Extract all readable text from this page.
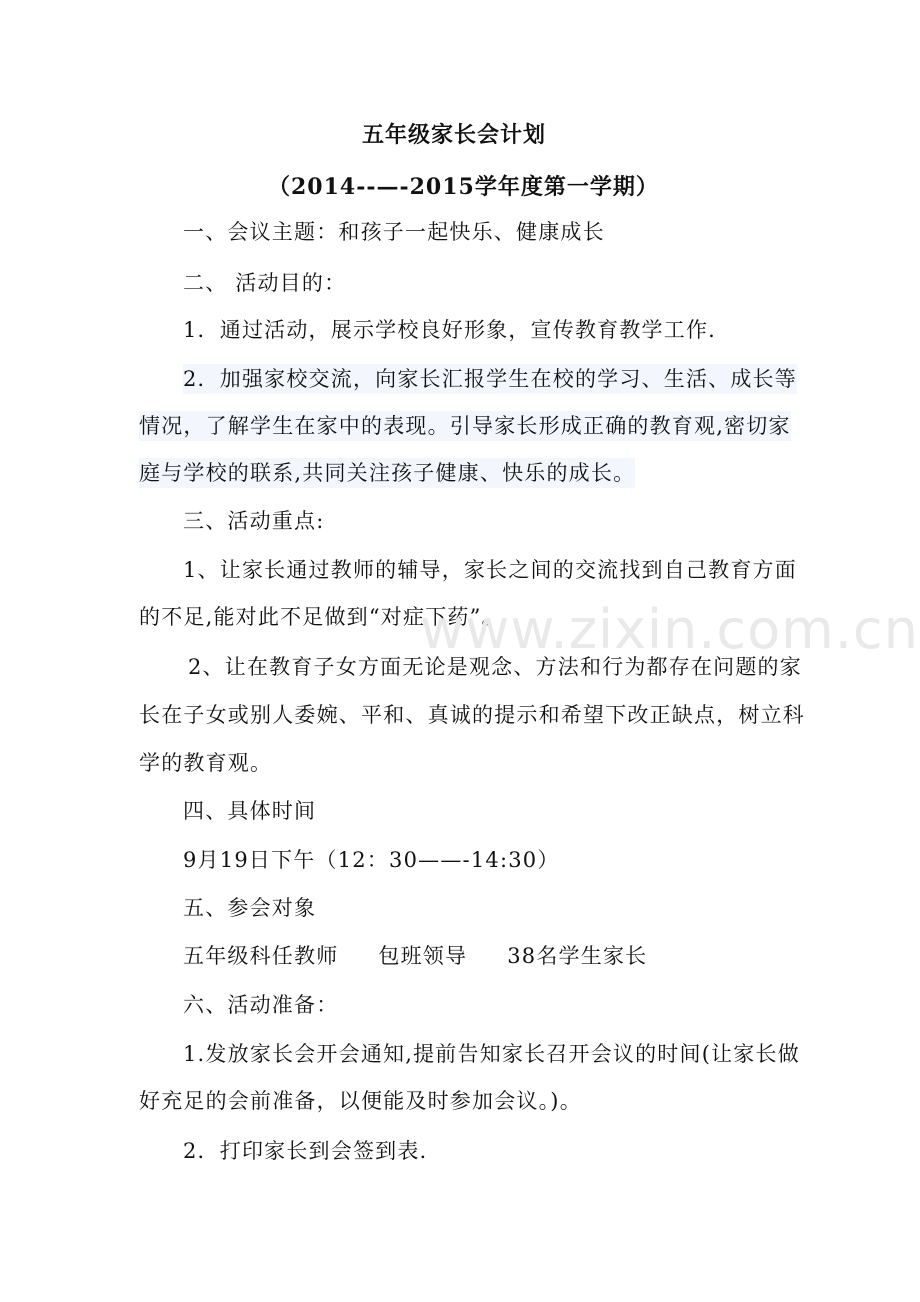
五年级家长会计划
（2014--—-2015学年度第一学期）
一、会议主题：和孩子一起快乐、健康成长
二、 活动目的：
1．通过活动，展示学校良好形象，宣传教育教学工作.
2．加强家校交流，向家长汇报学生在校的学习、生活、成长等
情况，了解学生在家中的表现。引导家长形成正确的教育观,密切家
庭与学校的联系,共同关注孩子健康、快乐的成长。
三、活动重点:
1、让家长通过教师的辅导，家长之间的交流找到自己教育方面
的不足,能对此不足做到“对症下药”。
2、让在教育子女方面无论是观念、方法和行为都存在问题的家
长在子女或别人委婉、平和、真诚的提示和希望下改正缺点，树立科
学的教育观。
四、具体时间
9月19日下午（12：30——-14:30）
五、参会对象
五年级科任教师 包班领导 38名学生家长
六、活动准备：
1.发放家长会开会通知,提前告知家长召开会议的时间(让家长做
好充足的会前准备，以便能及时参加会议。)。
2．打印家长到会签到表.
www.zixin.com.cn
